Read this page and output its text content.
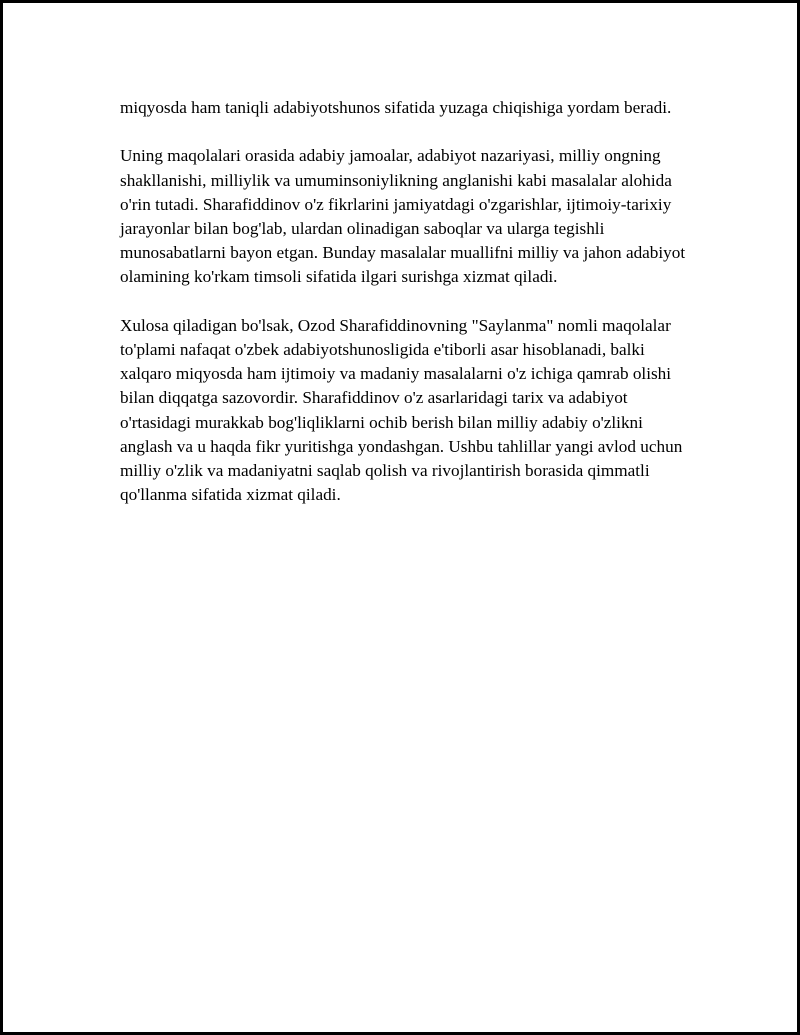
miqyosda ham taniqli adabiyotshunos sifatida yuzaga chiqishiga yordam beradi.

Uning maqolalari orasida adabiy jamoalar, adabiyot nazariyasi, milliy ongning shakllanishi, milliylik va umuminsoniylikning anglanishi kabi masalalar alohida o'rin tutadi. Sharafiddinov o'z fikrlarini jamiyatdagi o'zgarishlar, ijtimoiy-tarixiy jarayonlar bilan bog'lab, ulardan olinadigan saboqlar va ularga tegishli munosabatlarni bayon etgan. Bunday masalalar muallifni milliy va jahon adabiyot olamining ko'rkam timsoli sifatida ilgari surishga xizmat qiladi.

Xulosa qiladigan bo'lsak, Ozod Sharafiddinovning "Saylanma" nomli maqolalar to'plami nafaqat o'zbek adabiyotshunosligida e'tiborli asar hisoblanadi, balki xalqaro miqyosda ham ijtimoiy va madaniy masalalarni o'z ichiga qamrab olishi bilan diqqatga sazovordir. Sharafiddinov o'z asarlaridagi tarix va adabiyot o'rtasidagi murakkab bog'liqliklarni ochib berish bilan milliy adabiy o'zlikni anglash va u haqda fikr yuritishga yondashgan. Ushbu tahlillar yangi avlod uchun milliy o'zlik va madaniyatni saqlab qolish va rivojlantirish borasida qimmatli qo'llanma sifatida xizmat qiladi.
